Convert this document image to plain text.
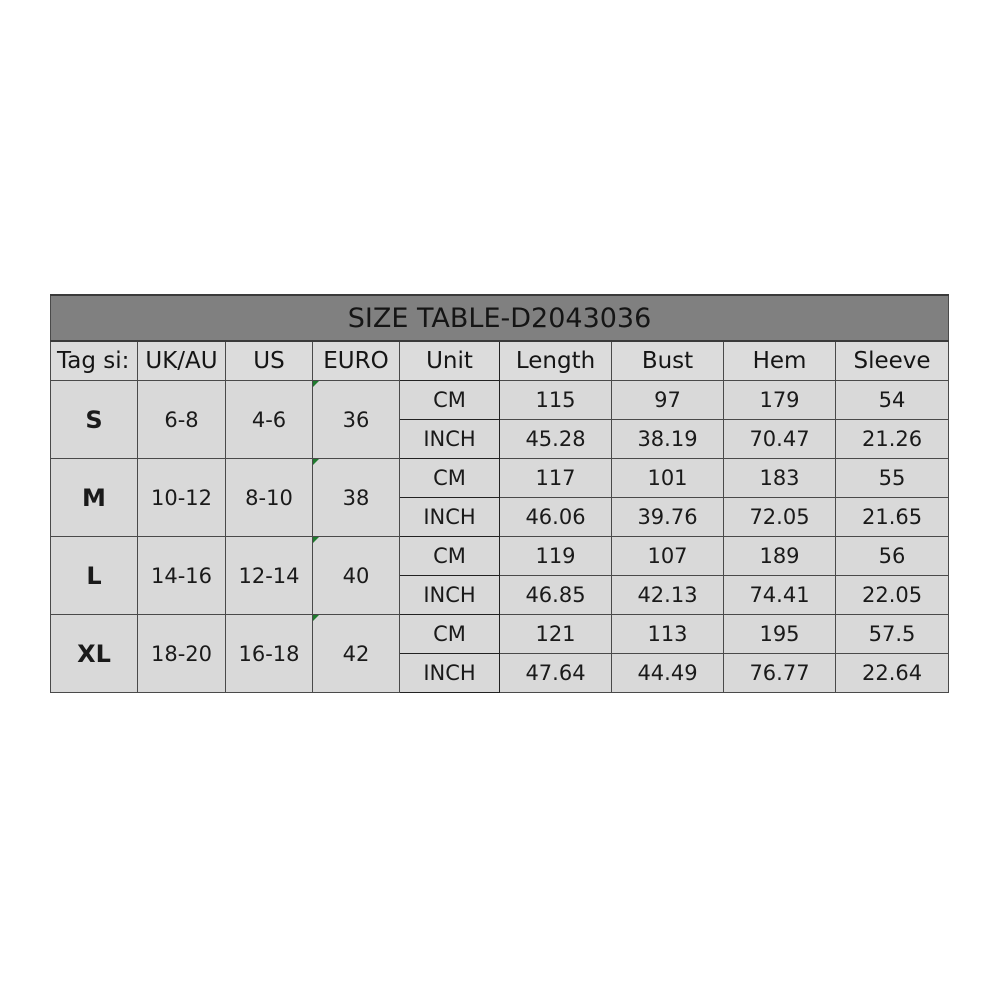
SIZE TABLE-D2043036								
Tag si:	UK/AU	US	EURO	Unit	Length	Bust	Hem	Sleeve
S	6-8	4-6	36	CM	115	97	179	54
				INCH	45.28	38.19	70.47	21.26
M	10-12	8-10	38	CM	117	101	183	55
				INCH	46.06	39.76	72.05	21.65
L	14-16	12-14	40	CM	119	107	189	56
				INCH	46.85	42.13	74.41	22.05
XL	18-20	16-18	42	CM	121	113	195	57.5
				INCH	47.64	44.49	76.77	22.64
